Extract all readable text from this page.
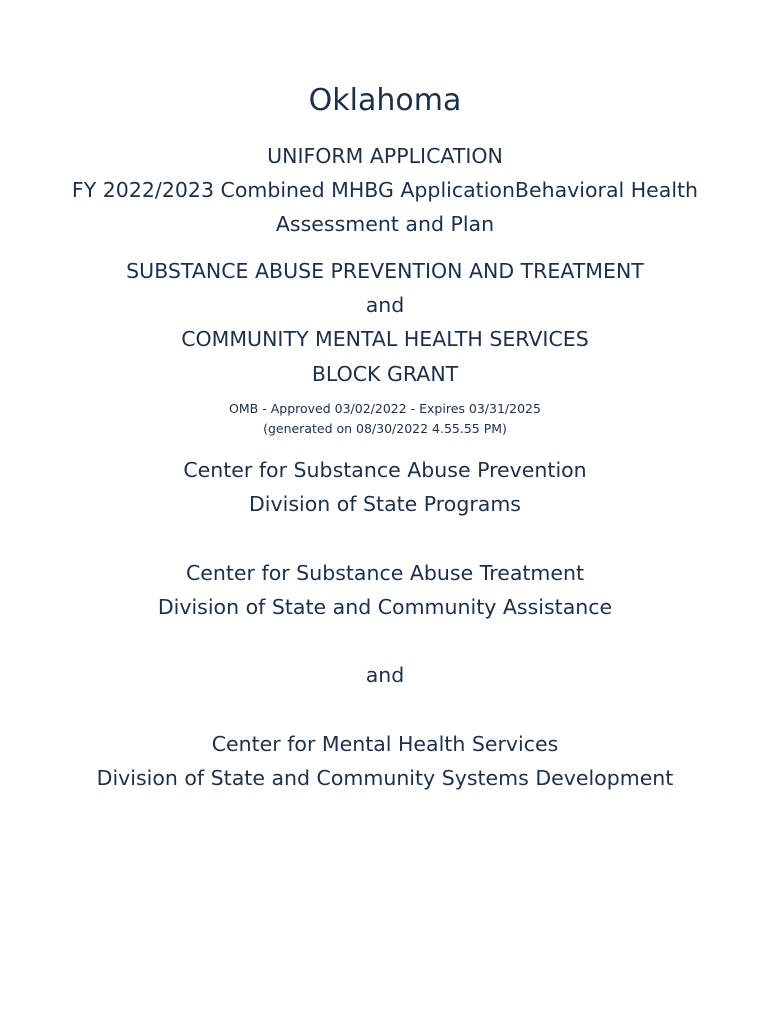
Oklahoma
UNIFORM APPLICATION
FY 2022/2023 Combined MHBG ApplicationBehavioral Health
Assessment and Plan
SUBSTANCE ABUSE PREVENTION AND TREATMENT
and
COMMUNITY MENTAL HEALTH SERVICES
BLOCK GRANT
OMB - Approved 03/02/2022 - Expires 03/31/2025
(generated on 08/30/2022 4.55.55 PM)
Center for Substance Abuse Prevention
Division of State Programs
Center for Substance Abuse Treatment
Division of State and Community Assistance
and
Center for Mental Health Services
Division of State and Community Systems Development
